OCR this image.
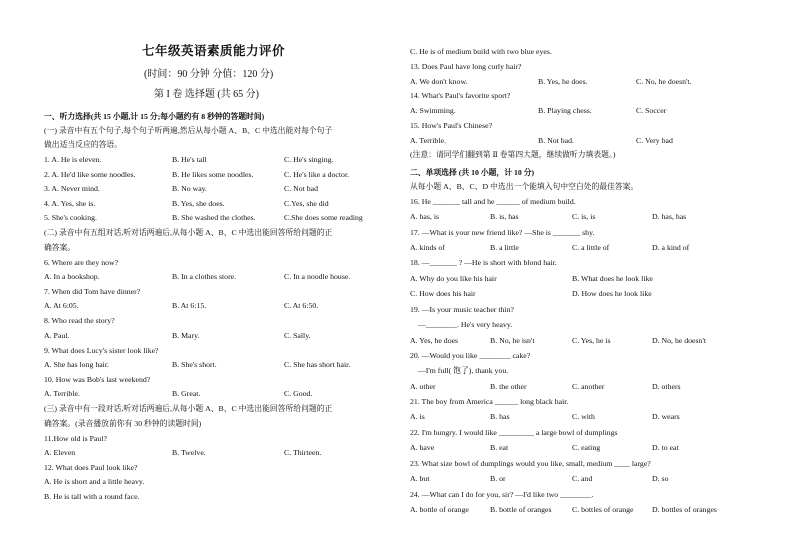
七年级英语素质能力评价
(时间：90 分钟 分值：120 分)
第 I 卷 选择题 (共 65 分)
一、听力选择(共 15 小题,计 15 分;每小题约有 8 秒钟的答题时间)
(一) 录音中有五个句子,每个句子听两遍,然后从每小题 A、B、C 中选出能对每个句子
做出适当反应的答语。
1. A. He is eleven.	B. He's tall	C. He's singing.
2. A. He'd like some noodles.	B. He likes some noodles.	C. He's like a doctor.
3. A. Never mind.	B. No way.	C. Not bad
4. A. Yes, she is.	B. Yes, she does.	C.Yes, she did
5. She's cooking.	B. She washed the clothes.	C.She does some reading
(二) 录音中有五组对话,听对话两遍后,从每小题 A、B、C 中选出能回答所给问题的正
确答案。
6. Where are they now?
A. In a bookshop.	B. In a clothes store.	C. In a noodle house.
7. When did Tom have dinner?
A. At 6:05.	B. At 6:15.	C. At 6:50.
8. Who read the story?
A. Paul.	B. Mary.	C. Sally.
9. What does Lucy's sister look like?
A. She has long hair.	B. She's short.	C. She has short hair.
10. How was Bob's last weekend?
A. Terrible.	B. Great.	C. Good.
(三) 录音中有一段对话,听对话两遍后,从每小题 A、B、C 中选出能回答所给问题的正
确答案。(录音播放前你有 30 秒钟的读题时间)
11.How old is Paul?
A. Eleven	B. Twelve.	C. Thirteen.
12. What does Paul look like?
A. He is short and a little heavy.
B. He is tall with a round face.
C. He is of medium build with two blue eyes.
13. Does Paul have long curly hair?
A. We don't know.	B. Yes, he does.	C. No, he doesn't.
14. What's Paul's favorite sport?
A. Swimming.	B. Playing chess.	C. Soccer
15. How's Paul's Chinese?
A. Terrible.	B. Not bad.	C. Very bad
(注意：请同学们翻到第 Ⅱ 卷第四大题，继续做听力填表题。)
二、单项选择 (共 10 小题，计 10 分)
从每小题 A、B、C、D 中选出一个能填入句中空白处的最佳答案。
16. He _______ tall and he ______ of medium build.
A. has, is	B. is, has	C. is, is	D. has, has
17. —What is your new friend like? —She is _______ shy.
A. kinds of	B. a little	C. a little of	D. a kind of
18. —_______ ? —He is short with blond hair.
A. Why do you like his hair	B. What does he look like
C. How does his hair	D. How does he look like
19. —Is your music teacher thin?
—________. He's very heavy.
A. Yes, he does	B. No, he isn't	C. Yes, he is	D. No, he doesn't
20. —Would you like ________ cake?
—I'm full( 饱了), thank you.
A. other	B. the other	C. another	D. others
21. The boy from America ______ long black hair.
A. is	B. has	C. with	D. wears
22. I'm hungry. I would like _________ a large bowl of dumplings
A. have	B. eat	C. eating	D. to eat
23. What size bowl of dumplings would you like, small, medium ____ large?
A. but	B. or	C. and	D. so
24. —What can I do for you, sir? —I'd like two ________.
A. bottle of orange	B. bottle of oranges	C. bottles of orange D. bottles of oranges
